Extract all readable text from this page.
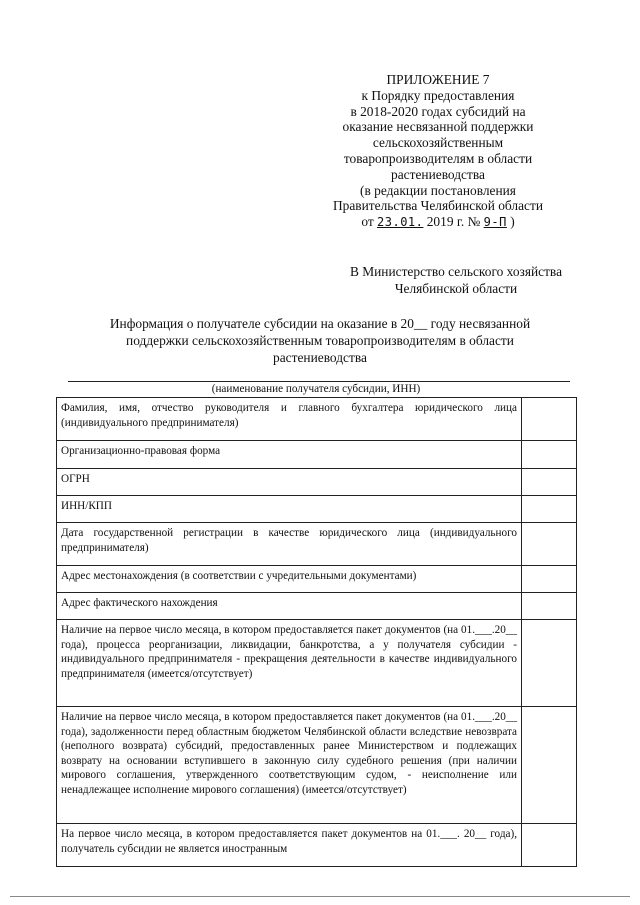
ПРИЛОЖЕНИЕ 7
к Порядку предоставления
в 2018-2020 годах субсидий на
оказание несвязанной поддержки
сельскохозяйственным
товаропроизводителям в области
растениеводства
(в редакции постановления
Правительства Челябинской области
от 23.01. 2019 г. № 9-П )
В Министерство сельского хозяйства
Челябинской области
Информация о получателе субсидии на оказание в 20__ году несвязанной
поддержки сельскохозяйственным товаропроизводителям в области
растениеводства
(наименование получателя субсидии, ИНН)
Фамилия, имя, отчество руководителя и главного бухгалтера юридического лица (индивидуального предпринимателя)	
Организационно-правовая форма	
ОГРН	
ИНН/КПП	
Дата государственной регистрации в качестве юридического лица (индивидуального предпринимателя)	
Адрес местонахождения (в соответствии с учредительными документами)	
Адрес фактического нахождения	
Наличие на первое число месяца, в котором предоставляется пакет документов (на 01.___.20__ года), процесса реорганизации, ликвидации, банкротства, а у получателя субсидии - индивидуального предпринимателя - прекращения деятельности в качестве индивидуального предпринимателя (имеется/отсутствует)	
Наличие на первое число месяца, в котором предоставляется пакет документов (на 01.___.20__ года), задолженности перед областным бюджетом Челябинской области вследствие невозврата (неполного возврата) субсидий, предоставленных ранее Министерством и подлежащих возврату на основании вступившего в законную силу судебного решения (при наличии мирового соглашения, утвержденного соответствующим судом, - неисполнение или ненадлежащее исполнение мирового соглашения) (имеется/отсутствует)	
На первое число месяца, в котором предоставляется пакет документов на 01.___. 20__ года), получатель субсидии не является иностранным	
